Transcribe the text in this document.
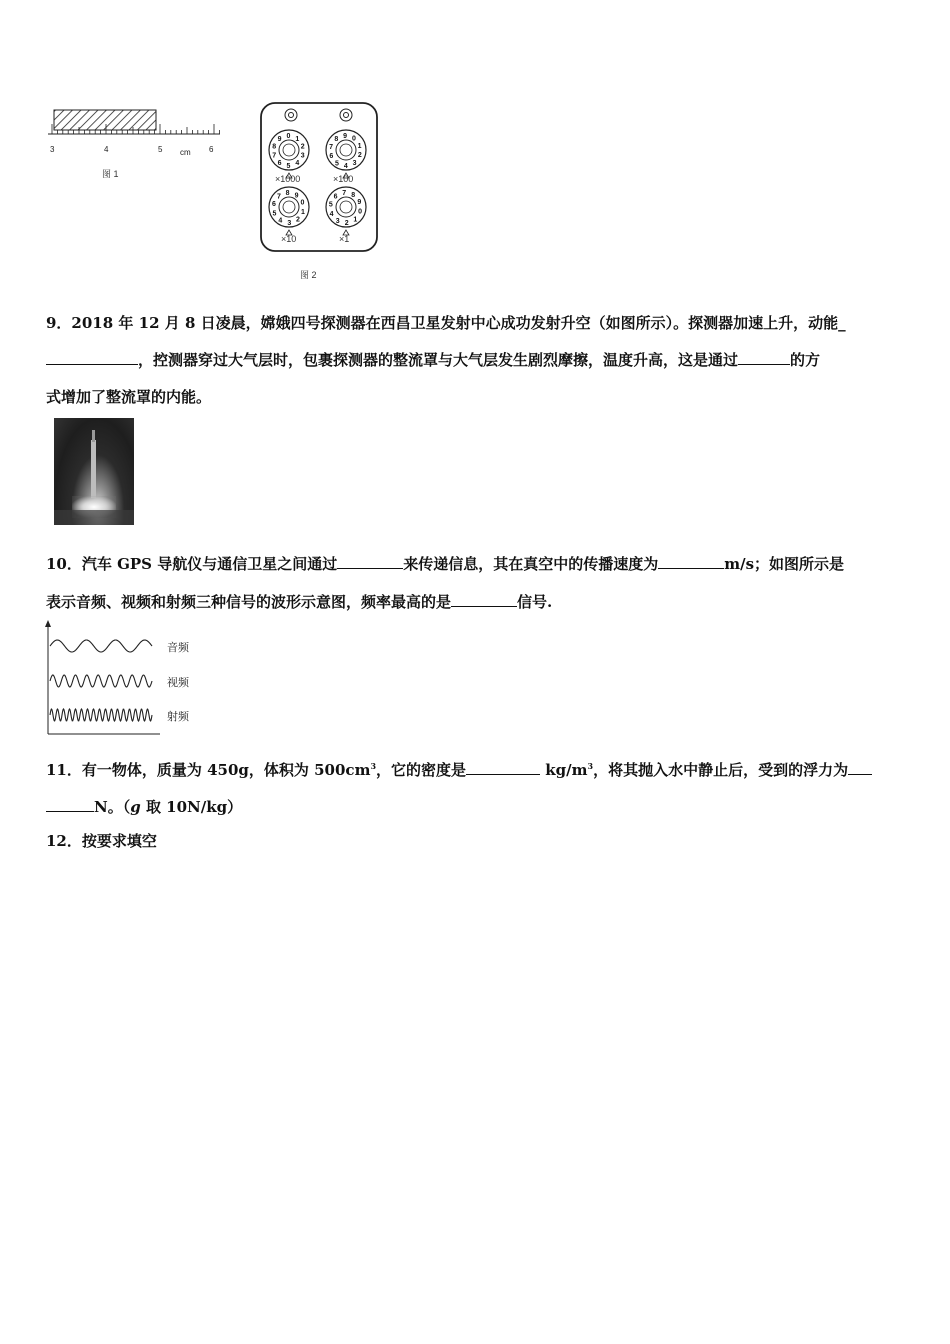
3	4	5 cm 6
图 1
0 1
2
3
4
5
6
7
8
9	0
1
2
3
4
5
6
7
8 9
0
1
2
3
4
5
6
7 8 9
0
1
2
3
4
5
6
7 8
9
×1000	×100
×10	×1
图 2
9．2018 年 12 月 8 日凌晨，嫦娥四号探测器在西昌卫星发射中心成功发射升空（如图所示）。探测器加速上升，动能_
，控测器穿过大气层时，包裹探测器的整流罩与大气层发生剧烈摩擦，温度升高，这是通过	的方
式增加了整流罩的内能。
10．汽车 GPS 导航仪与通信卫星之间通过	来传递信息，其在真空中的传播速度为	m/s；如图所示是
表示音频、视频和射频三种信号的波形示意图，频率最高的是	信号.
音频
视频
射频
11．有一物体，质量为 450g，体积为 $500cm^3$，它的密度是	$kg/m^3$，将其抛入水中静止后，受到的浮力为
N。（g 取 10N/kg）
12．按要求填空
